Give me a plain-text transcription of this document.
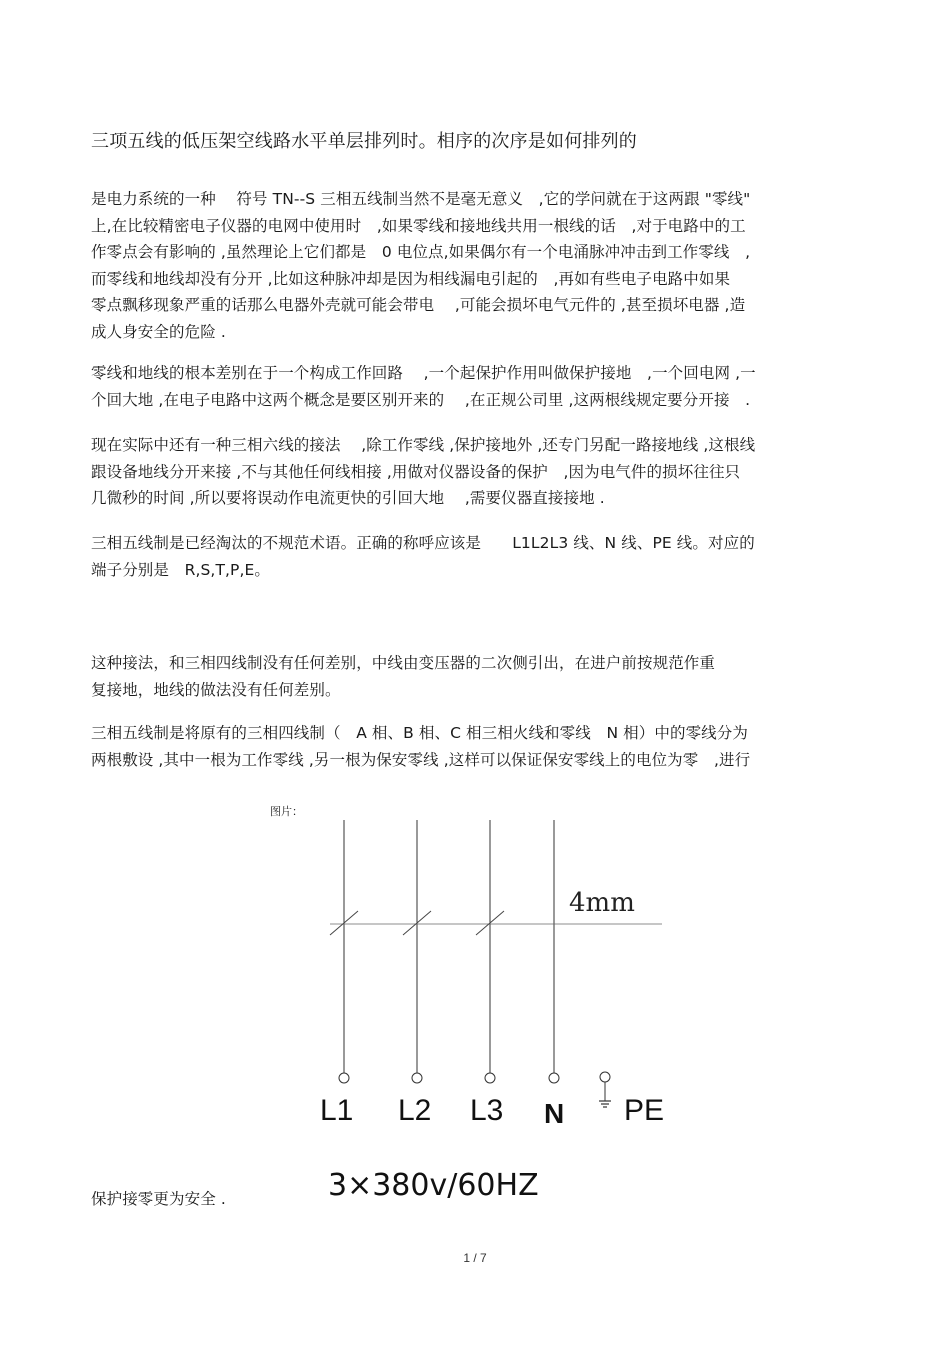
三项五线的低压架空线路水平单层排列时。相序的次序是如何排列的
是电力系统的一种　 符号 TN--S 三相五线制当然不是毫无意义　,它的学问就在于这两跟 "零线"
上,在比较精密电子仪器的电网中使用时　,如果零线和接地线共用一根线的话　,对于电路中的工
作零点会有影响的 ,虽然理论上它们都是　0 电位点,如果偶尔有一个电涌脉冲冲击到工作零线　,
而零线和地线却没有分开 ,比如这种脉冲却是因为相线漏电引起的　,再如有些电子电路中如果
零点飘移现象严重的话那么电器外壳就可能会带电　 ,可能会损坏电气元件的 ,甚至损坏电器 ,造
成人身安全的危险 .
零线和地线的根本差别在于一个构成工作回路　 ,一个起保护作用叫做保护接地　,一个回电网 ,一
个回大地 ,在电子电路中这两个概念是要区别开来的　 ,在正规公司里 ,这两根线规定要分开接　.
现在实际中还有一种三相六线的接法　 ,除工作零线 ,保护接地外 ,还专门另配一路接地线 ,这根线
跟设备地线分开来接 ,不与其他任何线相接 ,用做对仪器设备的保护　,因为电气件的损坏往往只
几微秒的时间 ,所以要将误动作电流更快的引回大地　 ,需要仪器直接接地 .
三相五线制是已经淘汰的不规范术语。正确的称呼应该是　　L1L2L3 线、N 线、PE 线。对应的
端子分别是　R,S,T,P,E。
这种接法，和三相四线制没有任何差别，中线由变压器的二次侧引出，在进户前按规范作重
复接地，地线的做法没有任何差别。
三相五线制是将原有的三相四线制（　A 相、B 相、C 相三相火线和零线　N 相）中的零线分为
两根敷设 ,其中一根为工作零线 ,另一根为保安零线 ,这样可以保证保安零线上的电位为零　,进行
图片：
4mm
L1 L2 L3 N PE
3×380v/60HZ
保护接零更为安全 .
1 / 7
